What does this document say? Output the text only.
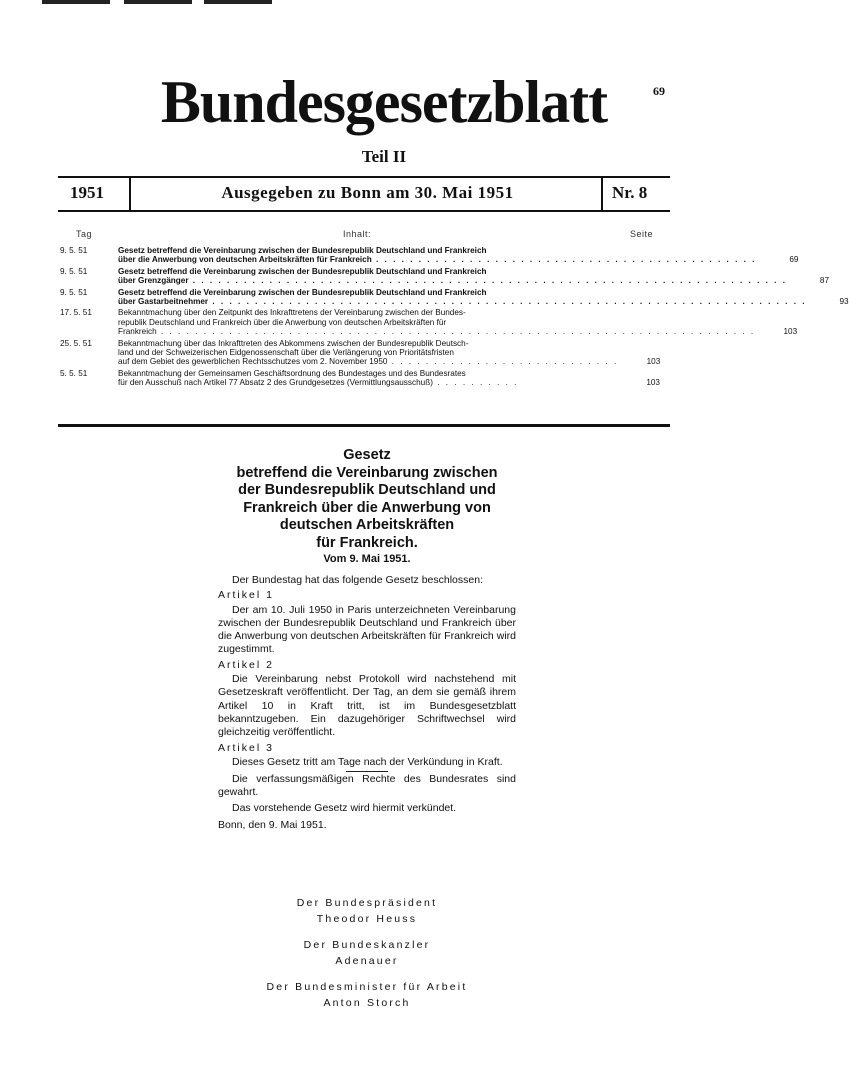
69
Bundesgesetzblatt
Teil II
1951	Ausgegeben zu Bonn am 30. Mai 1951	Nr. 8
Tag	Inhalt:	Seite
9. 5. 51	Gesetz betreffend die Vereinbarung zwischen der Bundesrepublik Deutschland und Frankreich
über die Anwerbung von deutschen Arbeitskräften für Frankreich . . . . . . . . . . . . . . . . . . . . . . . . . . . . . . . . . . . . . . . . . . . . .	69
9. 5. 51	Gesetz betreffend die Vereinbarung zwischen der Bundesrepublik Deutschland und Frankreich
über Grenzgänger . . . . . . . . . . . . . . . . . . . . . . . . . . . . . . . . . . . . . . . . . . . . . . . . . . . . . . . . . . . . . . . . . . . . . .	87
9. 5. 51	Gesetz betreffend die Vereinbarung zwischen der Bundesrepublik Deutschland und Frankreich
über Gastarbeitnehmer . . . . . . . . . . . . . . . . . . . . . . . . . . . . . . . . . . . . . . . . . . . . . . . . . . . . . . . . . . . . . . . . . . . . . .	93
17. 5. 51	Bekanntmachung über den Zeitpunkt des Inkrafttretens der Vereinbarung zwischen der Bundes-
republik Deutschland und Frankreich über die Anwerbung von deutschen Arbeitskräften für
Frankreich . . . . . . . . . . . . . . . . . . . . . . . . . . . . . . . . . . . . . . . . . . . . . . . . . . . . . . . . . . . . . . . . . . . . . .	103
25. 5. 51	Bekanntmachung über das Inkrafttreten des Abkommens zwischen der Bundesrepublik Deutsch-
land und der Schweizerischen Eidgenossenschaft über die Verlängerung von Prioritätsfristen
auf dem Gebiet des gewerblichen Rechtsschutzes vom 2. November 1950 . . . . . . . . . . . . . . . . . . . . . . . . . . .	103
5. 5. 51	Bekanntmachung der Gemeinsamen Geschäftsordnung des Bundestages und des Bundesrates
für den Ausschuß nach Artikel 77 Absatz 2 des Grundgesetzes (Vermittlungsausschuß) . . . . . . . . . .	103
Gesetz
betreffend die Vereinbarung zwischen
der Bundesrepublik Deutschland und
Frankreich über die Anwerbung von
deutschen Arbeitskräften
für Frankreich.
Vom 9. Mai 1951.

Der Bundestag hat das folgende Gesetz beschlossen:

Artikel 1

Der am 10. Juli 1950 in Paris unterzeichneten Vereinbarung zwischen der Bundesrepublik Deutschland und Frankreich über die Anwerbung von deutschen Arbeitskräften für Frankreich wird zugestimmt.

Artikel 2

Die Vereinbarung nebst Protokoll wird nachstehend mit Gesetzeskraft veröffentlicht. Der Tag, an dem sie gemäß ihrem Artikel 10 in Kraft tritt, ist im Bundesgesetzblatt bekanntzugeben. Ein dazugehöriger Schriftwechsel wird gleichzeitig veröffentlicht.

Artikel 3

Dieses Gesetz tritt am Tage nach der Verkündung in Kraft.

Die verfassungsmäßigen Rechte des Bundesrates sind gewahrt.

Das vorstehende Gesetz wird hiermit verkündet.

Bonn, den 9. Mai 1951.

Der Bundespräsident
Theodor Heuss
Der Bundeskanzler
Adenauer
Der Bundesminister für Arbeit
Anton Storch
